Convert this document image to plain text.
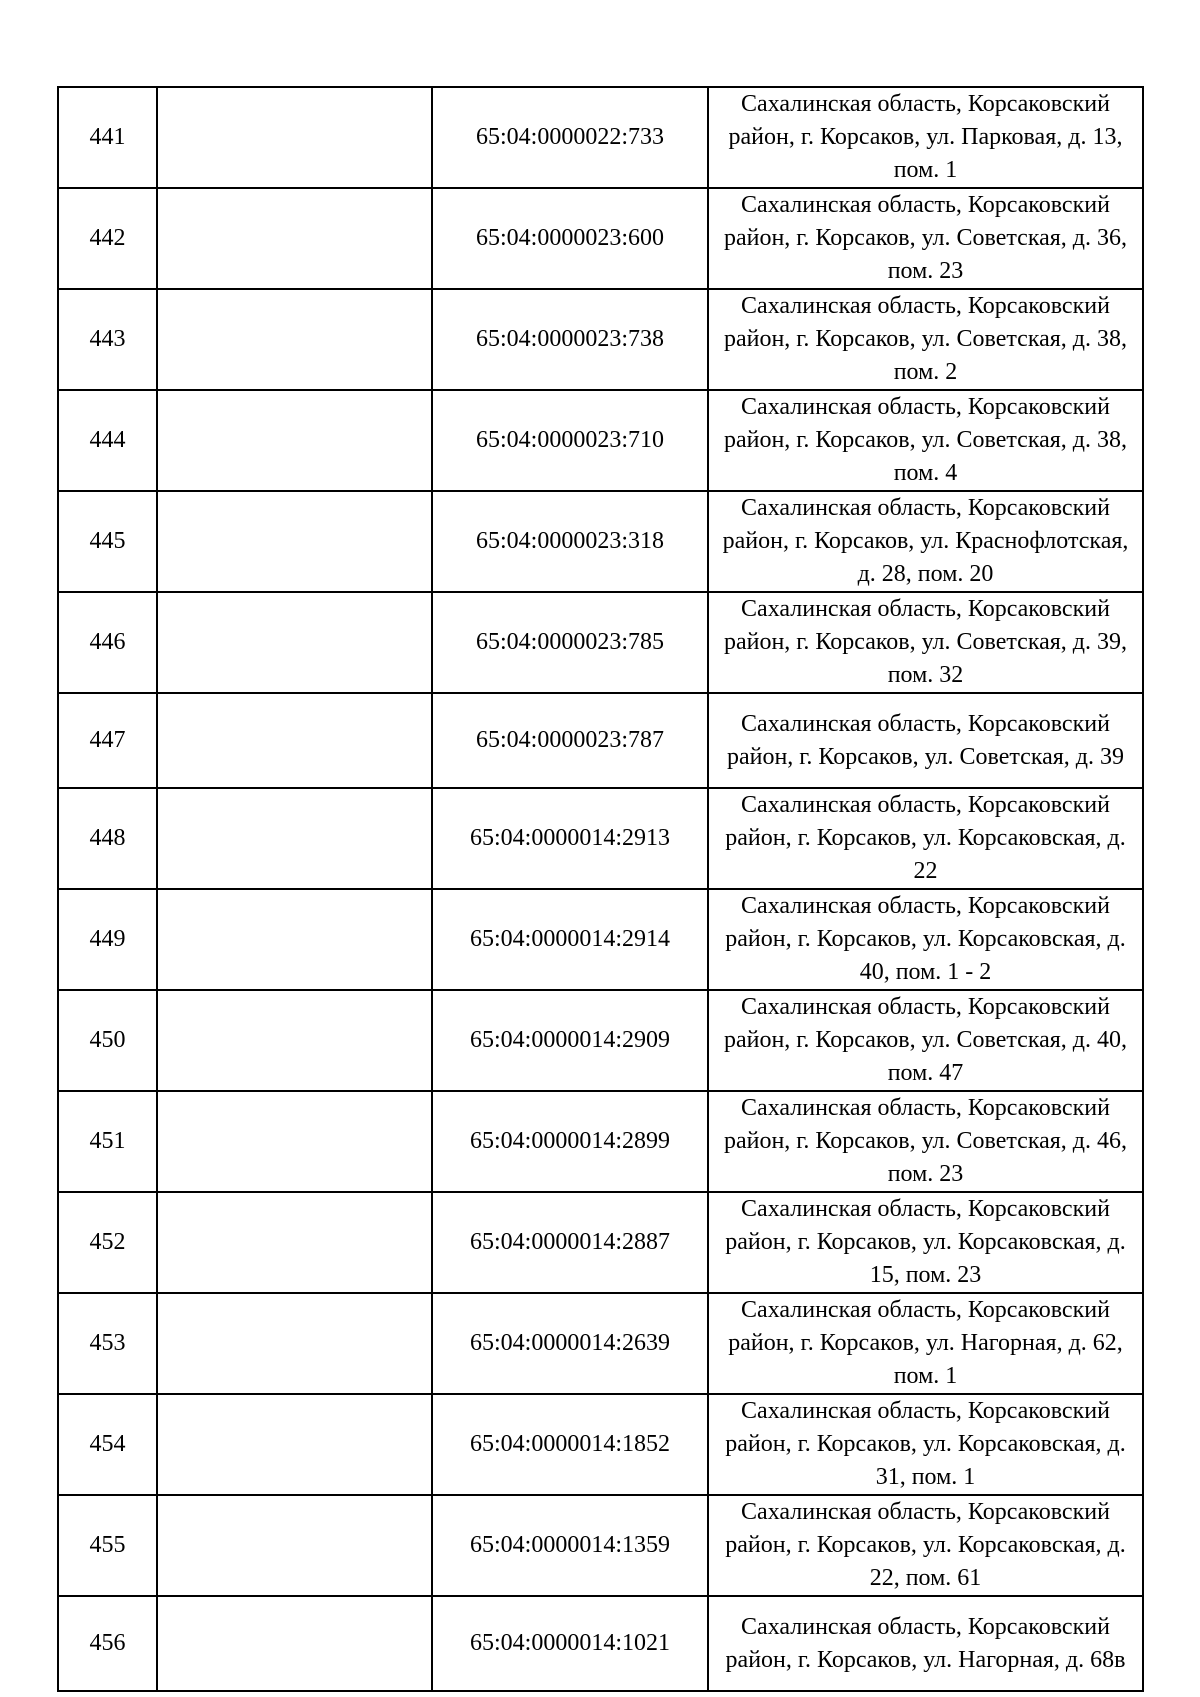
441		65:04:0000022:733	Сахалинская область, Корсаковский район, г. Корсаков, ул. Парковая, д. 13, пом. 1
442		65:04:0000023:600	Сахалинская область, Корсаковский район, г. Корсаков, ул. Советская, д. 36, пом. 23
443		65:04:0000023:738	Сахалинская область, Корсаковский район, г. Корсаков, ул. Советская, д. 38, пом. 2
444		65:04:0000023:710	Сахалинская область, Корсаковский район, г. Корсаков, ул. Советская, д. 38, пом. 4
445		65:04:0000023:318	Сахалинская область, Корсаковский район, г. Корсаков, ул. Краснофлотская, д. 28, пом. 20
446		65:04:0000023:785	Сахалинская область, Корсаковский район, г. Корсаков, ул. Советская, д. 39, пом. 32
447		65:04:0000023:787	Сахалинская область, Корсаковский район, г. Корсаков, ул. Советская, д. 39
448		65:04:0000014:2913	Сахалинская область, Корсаковский район, г. Корсаков, ул. Корсаковская, д. 22
449		65:04:0000014:2914	Сахалинская область, Корсаковский район, г. Корсаков, ул. Корсаковская, д. 40, пом. 1 - 2
450		65:04:0000014:2909	Сахалинская область, Корсаковский район, г. Корсаков, ул. Советская, д. 40, пом. 47
451		65:04:0000014:2899	Сахалинская область, Корсаковский район, г. Корсаков, ул. Советская, д. 46, пом. 23
452		65:04:0000014:2887	Сахалинская область, Корсаковский район, г. Корсаков, ул. Корсаковская, д. 15, пом. 23
453		65:04:0000014:2639	Сахалинская область, Корсаковский район, г. Корсаков, ул. Нагорная, д. 62, пом. 1
454		65:04:0000014:1852	Сахалинская область, Корсаковский район, г. Корсаков, ул. Корсаковская, д. 31, пом. 1
455		65:04:0000014:1359	Сахалинская область, Корсаковский район, г. Корсаков, ул. Корсаковская, д. 22, пом. 61
456		65:04:0000014:1021	Сахалинская область, Корсаковский район, г. Корсаков, ул. Нагорная, д. 68в
